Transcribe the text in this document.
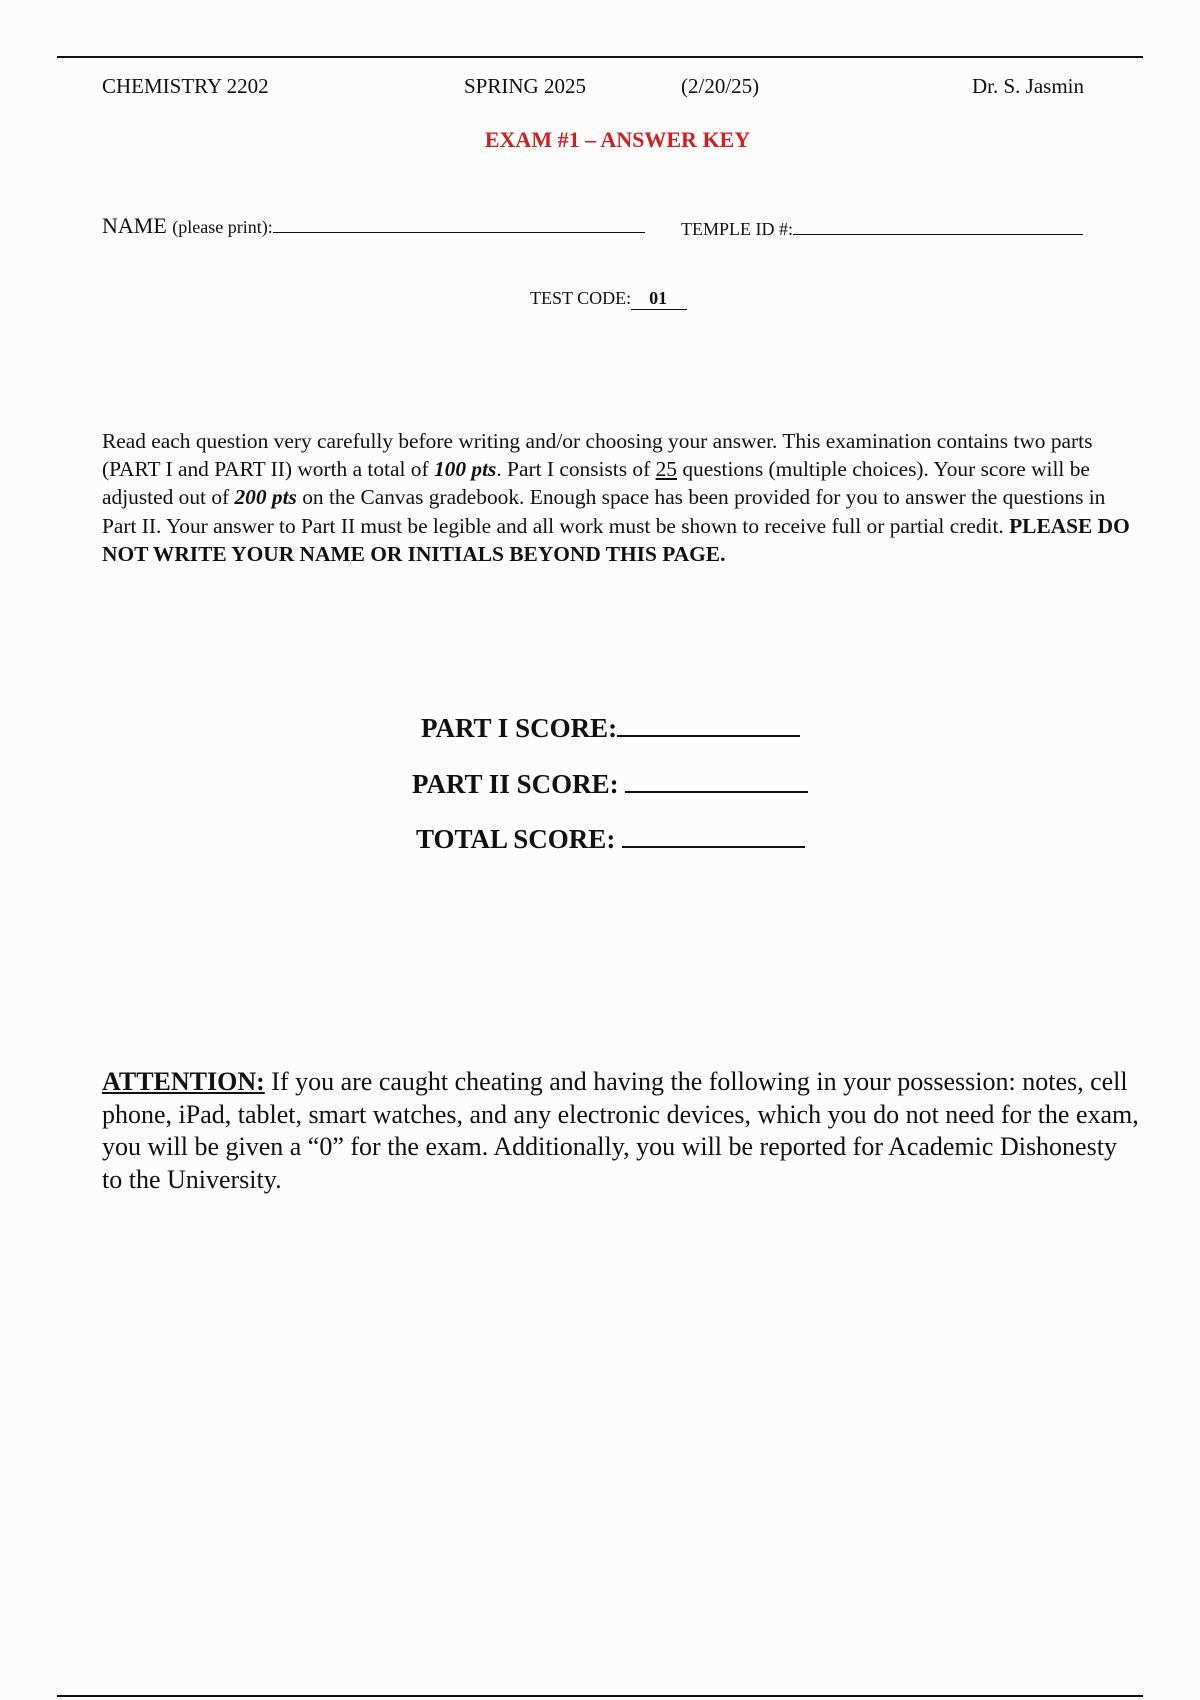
CHEMISTRY 2202	SPRING 2025	(2/20/25)	Dr. S. Jasmin
EXAM #1 – ANSWER KEY
NAME (please print):	TEMPLE ID #:
TEST CODE: 01
Read each question very carefully before writing and/or choosing your answer. This examination contains two parts (PART I and PART II) worth a total of 100 pts. Part I consists of 25 questions (multiple choices). Your score will be adjusted out of 200 pts on the Canvas gradebook. Enough space has been provided for you to answer the questions in Part II. Your answer to Part II must be legible and all work must be shown to receive full or partial credit. PLEASE DO NOT WRITE YOUR NAME OR INITIALS BEYOND THIS PAGE.
PART I SCORE:
PART II SCORE:
TOTAL SCORE:
ATTENTION: If you are caught cheating and having the following in your possession: notes, cell phone, iPad, tablet, smart watches, and any electronic devices, which you do not need for the exam, you will be given a “0” for the exam. Additionally, you will be reported for Academic Dishonesty to the University.
